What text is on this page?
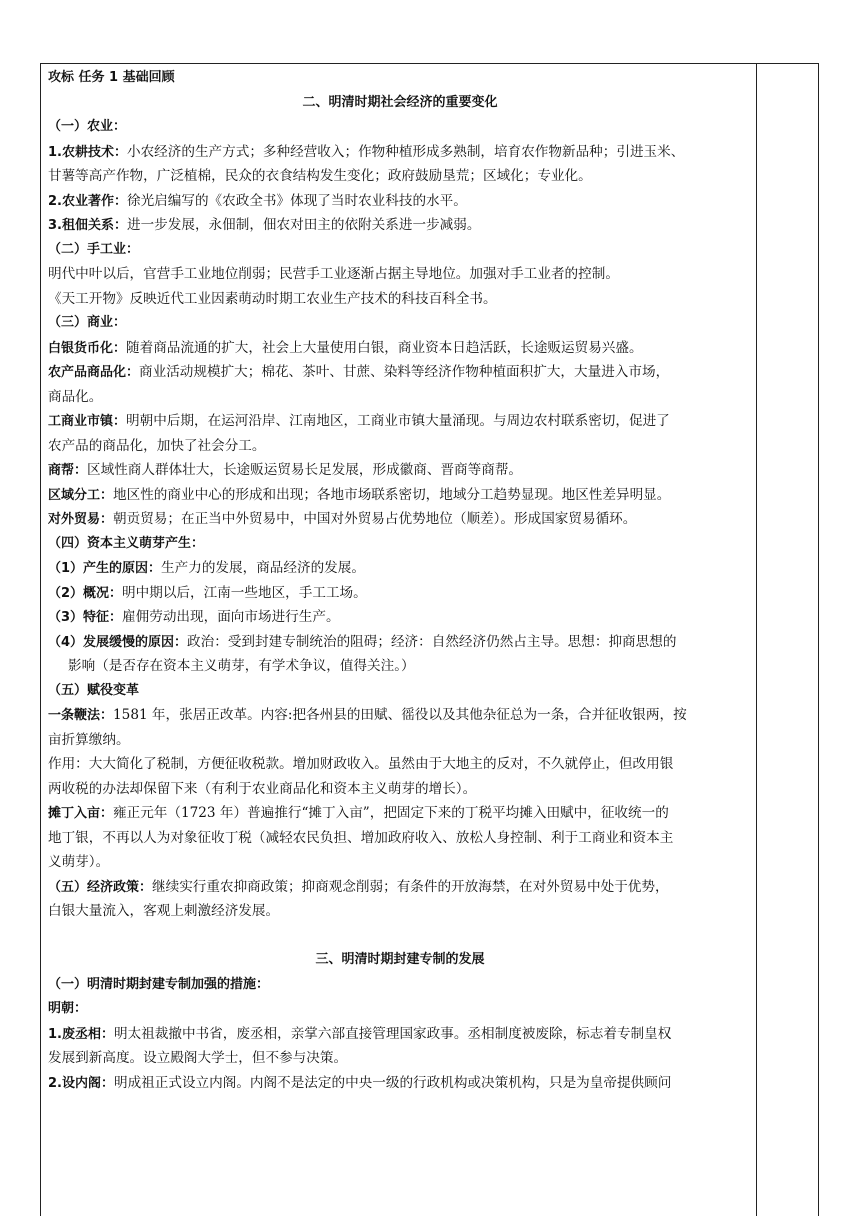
攻标 任务 1 基础回顾
二、明清时期社会经济的重要变化
（一）农业：
1.农耕技术：小农经济的生产方式；多种经营收入；作物种植形成多熟制，培育农作物新品种；引进玉米、
甘薯等高产作物，广泛植棉，民众的衣食结构发生变化；政府鼓励垦荒；区域化；专业化。
2.农业著作：徐光启编写的《农政全书》体现了当时农业科技的水平。
3.租佃关系：进一步发展，永佃制，佃农对田主的依附关系进一步减弱。
（二）手工业：
明代中叶以后，官营手工业地位削弱；民营手工业逐渐占据主导地位。加强对手工业者的控制。
《天工开物》反映近代工业因素萌动时期工农业生产技术的科技百科全书。
（三）商业：
白银货币化：随着商品流通的扩大，社会上大量使用白银，商业资本日趋活跃，长途贩运贸易兴盛。
农产品商品化：商业活动规模扩大；棉花、茶叶、甘蔗、染料等经济作物种植面积扩大，大量进入市场，
商品化。
工商业市镇：明朝中后期，在运河沿岸、江南地区，工商业市镇大量涌现。与周边农村联系密切，促进了
农产品的商品化，加快了社会分工。
商帮：区域性商人群体壮大，长途贩运贸易长足发展，形成徽商、晋商等商帮。
区域分工：地区性的商业中心的形成和出现；各地市场联系密切，地域分工趋势显现。地区性差异明显。
对外贸易：朝贡贸易；在正当中外贸易中，中国对外贸易占优势地位（顺差）。形成国家贸易循环。
（四）资本主义萌芽产生：
（1）产生的原因：生产力的发展，商品经济的发展。
（2）概况：明中期以后，江南一些地区，手工工场。
（3）特征：雇佣劳动出现，面向市场进行生产。
（4）发展缓慢的原因：政治：受到封建专制统治的阻碍；经济：自然经济仍然占主导。思想：抑商思想的
影响（是否存在资本主义萌芽，有学术争议，值得关注。）
（五）赋役变革
一条鞭法：1581 年，张居正改革。内容:把各州县的田赋、徭役以及其他杂征总为一条，合并征收银两，按
亩折算缴纳。
作用：大大简化了税制，方便征收税款。增加财政收入。虽然由于大地主的反对，不久就停止，但改用银
两收税的办法却保留下来（有利于农业商品化和资本主义萌芽的增长）。
摊丁入亩：雍正元年（1723 年）普遍推行“摊丁入亩”，把固定下来的丁税平均摊入田赋中，征收统一的
地丁银，不再以人为对象征收丁税（减轻农民负担、增加政府收入、放松人身控制、利于工商业和资本主
义萌芽）。
（五）经济政策：继续实行重农抑商政策；抑商观念削弱；有条件的开放海禁，在对外贸易中处于优势，
白银大量流入，客观上刺激经济发展。
三、明清时期封建专制的发展
（一）明清时期封建专制加强的措施：
明朝：
1.废丞相：明太祖裁撤中书省，废丞相，亲掌六部直接管理国家政事。丞相制度被废除，标志着专制皇权
发展到新高度。设立殿阁大学士，但不参与决策。
2.设内阁：明成祖正式设立内阁。内阁不是法定的中央一级的行政机构或决策机构，只是为皇帝提供顾问
